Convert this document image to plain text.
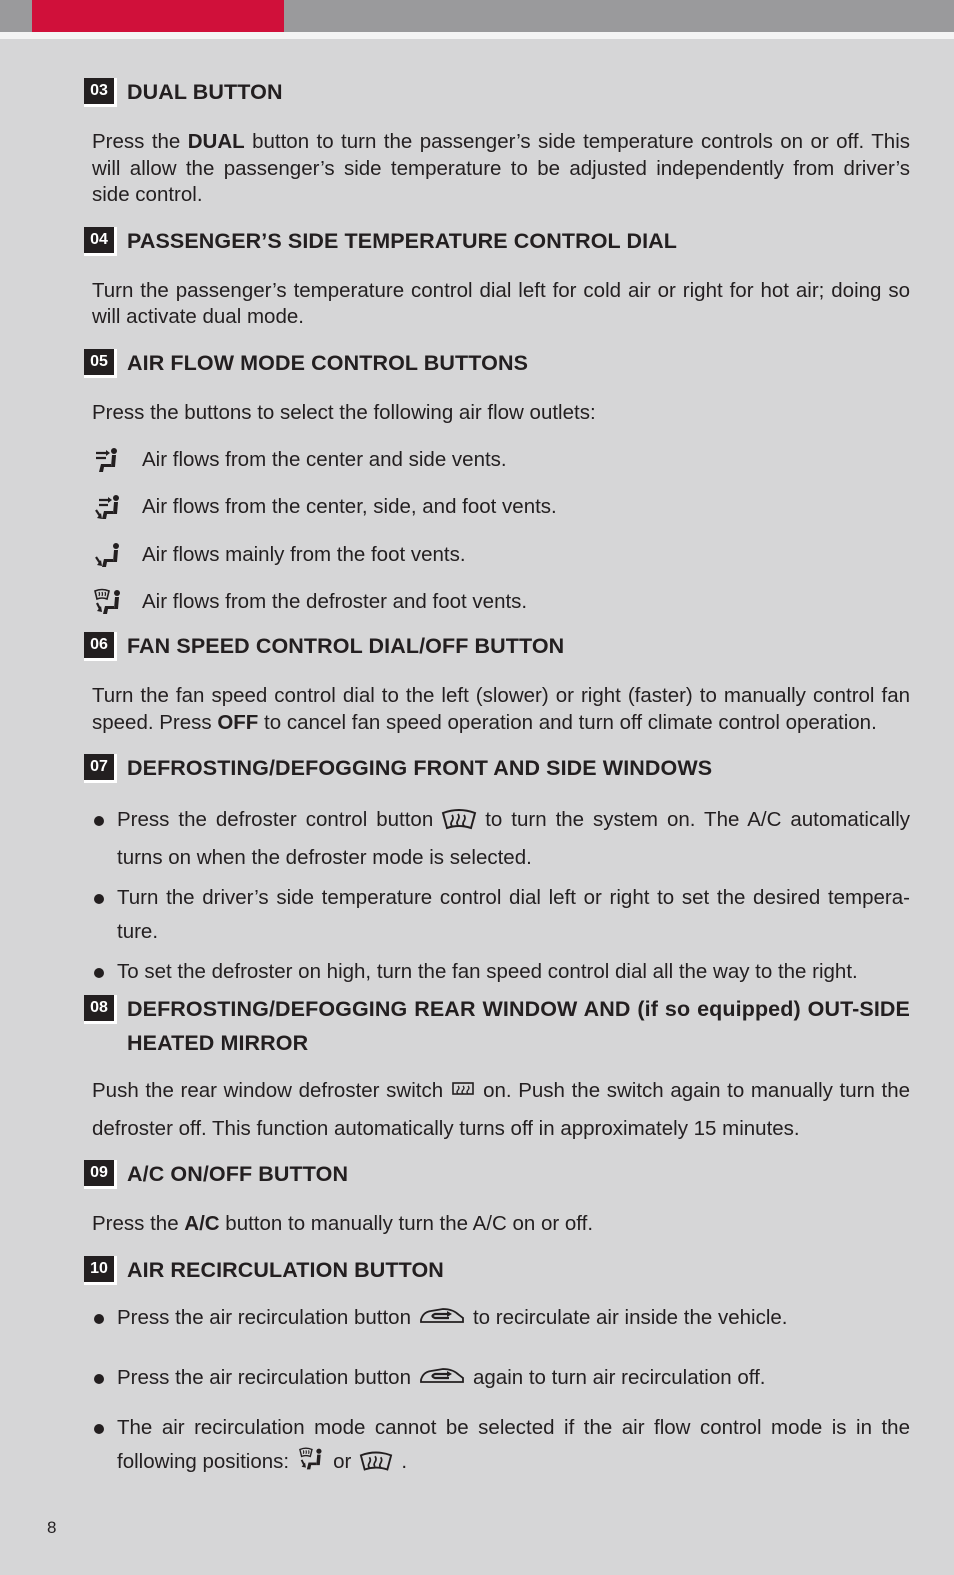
03 DUAL BUTTON

Press the DUAL button to turn the passenger’s side temperature controls on or off. This will allow the passenger’s side temperature to be adjusted independently from driver’s side control.

04 PASSENGER’S SIDE TEMPERATURE CONTROL DIAL

Turn the passenger’s temperature control dial left for cold air or right for hot air; doing so will activate dual mode.

05 AIR FLOW MODE CONTROL BUTTONS

Press the buttons to select the following air flow outlets:

Air flows from the center and side vents.
Air flows from the center, side, and foot vents.
Air flows mainly from the foot vents.
Air flows from the defroster and foot vents.
06 FAN SPEED CONTROL DIAL/OFF BUTTON

Turn the fan speed control dial to the left (slower) or right (faster) to manually control fan speed. Press OFF to cancel fan speed operation and turn off climate control operation.

07 DEFROSTING/DEFOGGING FRONT AND SIDE WINDOWS
Press the defroster control button	to turn the system on. The A/C automatically turns on when the defroster mode is selected.
Turn the driver’s side temperature control dial left or right to set the desired tempera-ture.
To set the defroster on high, turn the fan speed control dial all the way to the right.
08 DEFROSTING/DEFOGGING REAR WINDOW AND (if so equipped) OUT-SIDE HEATED MIRROR

Push the rear window defroster switch on. Push the switch again to manually turn the defroster off. This function automatically turns off in approximately 15 minutes.

09 A/C ON/OFF BUTTON

Press the A/C button to manually turn the A/C on or off.

10 AIR RECIRCULATION BUTTON
Press the air recirculation button	to recirculate air inside the vehicle.
Press the air recirculation button	again to turn air recirculation off.
The air recirculation mode cannot be selected if the air flow control mode is in the following positions: or .
8
